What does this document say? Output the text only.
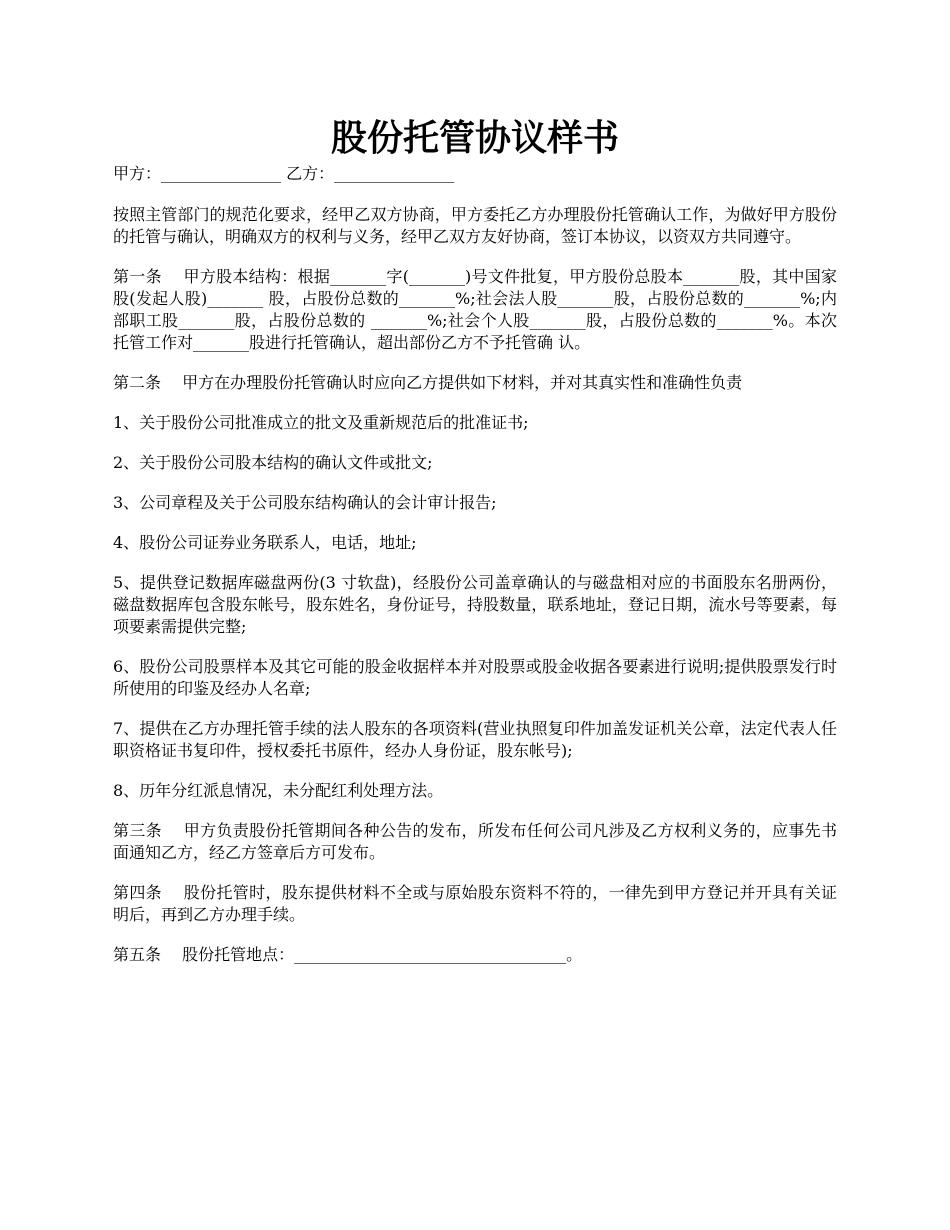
股份托管协议样书

甲方：_______________ 乙方：_______________

按照主管部门的规范化要求，经甲乙双方协商，甲方委托乙方办理股份托管确认工作，为做好甲方股份的托管与确认，明确双方的权利与义务，经甲乙双方友好协商，签订本协议，以资双方共同遵守。

第一条　 甲方股本结构：根据_______字(_______)号文件批复，甲方股份总股本_______股，其中国家股(发起人股)_______ 股，占股份总数的_______%;社会法人股_______股，占股份总数的_______%;内部职工股_______股，占股份总数的 _______%;社会个人股_______股，占股份总数的_______%。本次托管工作对_______股进行托管确认，超出部份乙方不予托管确 认。

第二条　 甲方在办理股份托管确认时应向乙方提供如下材料，并对其真实性和准确性负责

1、关于股份公司批准成立的批文及重新规范后的批准证书;

2、关于股份公司股本结构的确认文件或批文;

3、公司章程及关于公司股东结构确认的会计审计报告;

4、股份公司证券业务联系人，电话，地址;

5、提供登记数据库磁盘两份(3 寸软盘)，经股份公司盖章确认的与磁盘相对应的书面股东名册两份，磁盘数据库包含股东帐号，股东姓名，身份证号，持股数量，联系地址，登记日期，流水号等要素，每项要素需提供完整;

6、股份公司股票样本及其它可能的股金收据样本并对股票或股金收据各要素进行说明;提供股票发行时所使用的印鉴及经办人名章;

7、提供在乙方办理托管手续的法人股东的各项资料(营业执照复印件加盖发证机关公章，法定代表人任职资格证书复印件，授权委托书原件，经办人身份证，股东帐号);

8、历年分红派息情况，未分配红利处理方法。

第三条　 甲方负责股份托管期间各种公告的发布，所发布任何公司凡涉及乙方权利义务的，应事先书面通知乙方，经乙方签章后方可发布。

第四条　 股份托管时，股东提供材料不全或与原始股东资料不符的，一律先到甲方登记并开具有关证明后，再到乙方办理手续。

第五条　 股份托管地点：__________________________________。
